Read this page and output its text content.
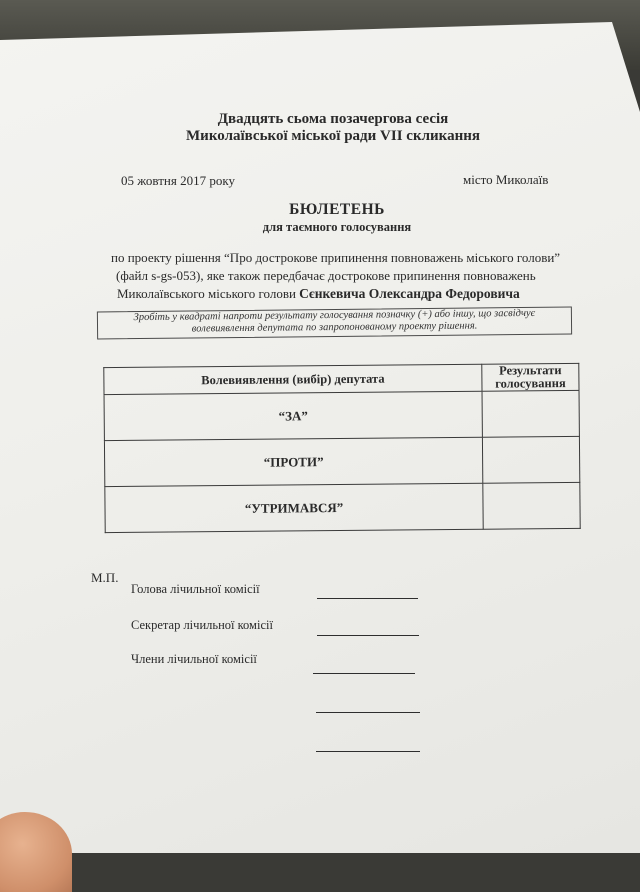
Двадцять сьома позачергова сесія
Миколаївської міської ради VII скликання
05 жовтня 2017 року	місто Миколаїв
БЮЛЕТЕНЬ
для таємного голосування
по проекту рішення “Про дострокове припинення повноважень міського голови”
(файл s-gs-053), яке також передбачає дострокове припинення повноважень
Миколаївського міського голови Сєнкевича Олександра Федоровича
Зробіть у квадраті напроти результату голосування позначку (+) або іншу, що засвідчує
волевиявлення депутата по запропонованому проекту рішення.
Волевиявлення (вибір) депутата	Результати
голосування
“ЗА”	
“ПРОТИ”	
“УТРИМАВСЯ”	
М.П.
Голова лічильної комісії
Секретар лічильної комісії
Члени лічильної комісії
